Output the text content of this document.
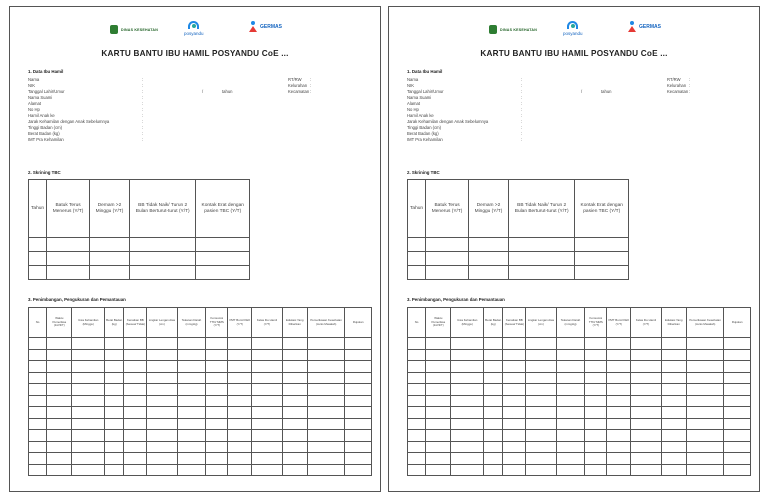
DINAS KESEHATAN
posyandu
GERMAS
KARTU BANTU IBU HAMIL POSYANDU CoE ...
1. Data Ibu Hamil
Nama	:
NIK	:
Tanggal Lahir/Umur	:
Nama Suami	:
Alamat	:
No Hp	:
Hamil Anak ke	:
Jarak Kehamilan dengan Anak Sebelumnya	:
Tinggi Badan (cm)	:
Berat Badan (kg)	:
IMT Pra Kehamilan	:
RT/RW :
Kelurahan :
Kecamatan :
/	tahun
2. Skrining TBC
Tahun	Batuk Terus Menerus (Y/T)	Demam >2 Minggu (Y/T)	BB Tidak Naik/ Turun 2 Bulan Berturut-turut (Y/T)	Kontak Erat dengan pasien TBC (Y/T)

3. Penimbangan, Pengukuran dan Pemantauan
No	Waktu Pemeriksa (1/2/3/T)	Usia Kehamilan (Minggu)	Berat Badan (kg)	Kenaikan BB (Sesuai/ Tidak)	Lingkar Lengan Atas (cm)	Tekanan Darah (mmgHg)	Konsumsi TTD/ MMS (Y/T)	PMT Bumil KEK (Y/T)	Kelas Ibu Hamil (Y/T)	Edukasi Yang Diberikan	Pemeriksaan Kesehatan (Jenis Masalah)	Rujukan

DINAS KESEHATAN
posyandu
GERMAS
KARTU BANTU IBU HAMIL POSYANDU CoE ...
1. Data Ibu Hamil
Nama	:
NIK	:
Tanggal Lahir/Umur	:
Nama Suami	:
Alamat	:
No Hp	:
Hamil Anak ke	:
Jarak Kehamilan dengan Anak Sebelumnya	:
Tinggi Badan (cm)	:
Berat Badan (kg)	:
IMT Pra Kehamilan	:
RT/RW :
Kelurahan :
Kecamatan :
/	tahun
2. Skrining TBC
Tahun	Batuk Terus Menerus (Y/T)	Demam >2 Minggu (Y/T)	BB Tidak Naik/ Turun 2 Bulan Berturut-turut (Y/T)	Kontak Erat dengan pasien TBC (Y/T)

3. Penimbangan, Pengukuran dan Pemantauan
No	Waktu Pemeriksa (1/2/3/T)	Usia Kehamilan (Minggu)	Berat Badan (kg)	Kenaikan BB (Sesuai/ Tidak)	Lingkar Lengan Atas (cm)	Tekanan Darah (mmgHg)	Konsumsi TTD/ MMS (Y/T)	PMT Bumil KEK (Y/T)	Kelas Ibu Hamil (Y/T)	Edukasi Yang Diberikan	Pemeriksaan Kesehatan (Jenis Masalah)	Rujukan
